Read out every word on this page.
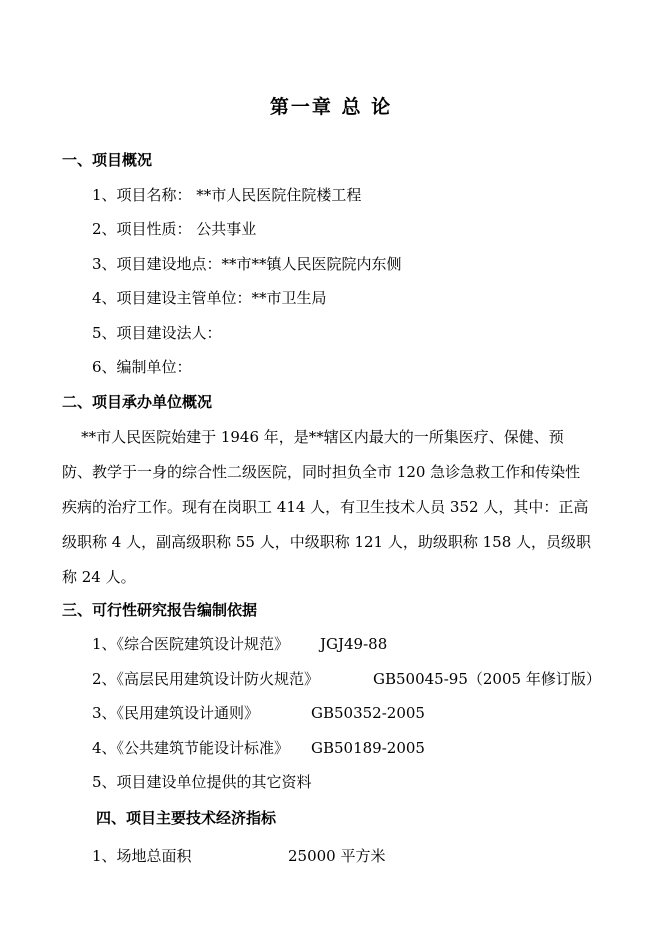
第一章 总 论
一、项目概况
1、项目名称： **市人民医院住院楼工程
2、项目性质： 公共事业
3、项目建设地点：**市**镇人民医院院内东侧
4、项目建设主管单位：**市卫生局
5、项目建设法人：
6、编制单位：
二、项目承办单位概况
**市人民医院始建于 1946 年，是**辖区内最大的一所集医疗、保健、预
防、教学于一身的综合性二级医院，同时担负全市 120 急诊急救工作和传染性
疾病的治疗工作。现有在岗职工 414 人，有卫生技术人员 352 人，其中：正高
级职称 4 人，副高级职称 55 人，中级职称 121 人，助级职称 158 人，员级职
称 24 人。
三、可行性研究报告编制依据
1、《综合医院建筑设计规范》 JGJ49-88
2、《高层民用建筑设计防火规范》	GB50045-95（2005 年修订版）
3、《民用建筑设计通则》	GB50352-2005
4、《公共建筑节能设计标准》 GB50189-2005
5、项目建设单位提供的其它资料
四、项目主要技术经济指标
1、场地总面积	25000 平方米
